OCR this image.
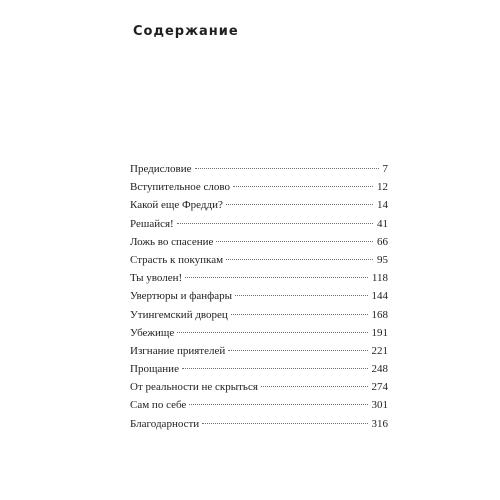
Содержание
Предисловие	7
Вступительное слово	12
Какой еще Фредди?	14
Решайся!	41
Ложь во спасение	66
Страсть к покупкам	95
Ты уволен!	118
Увертюры и фанфары	144
Утингемский дворец	168
Убежище	191
Изгнание приятелей	221
Прощание	248
От реальности не скрыться	274
Сам по себе	301
Благодарности	316
